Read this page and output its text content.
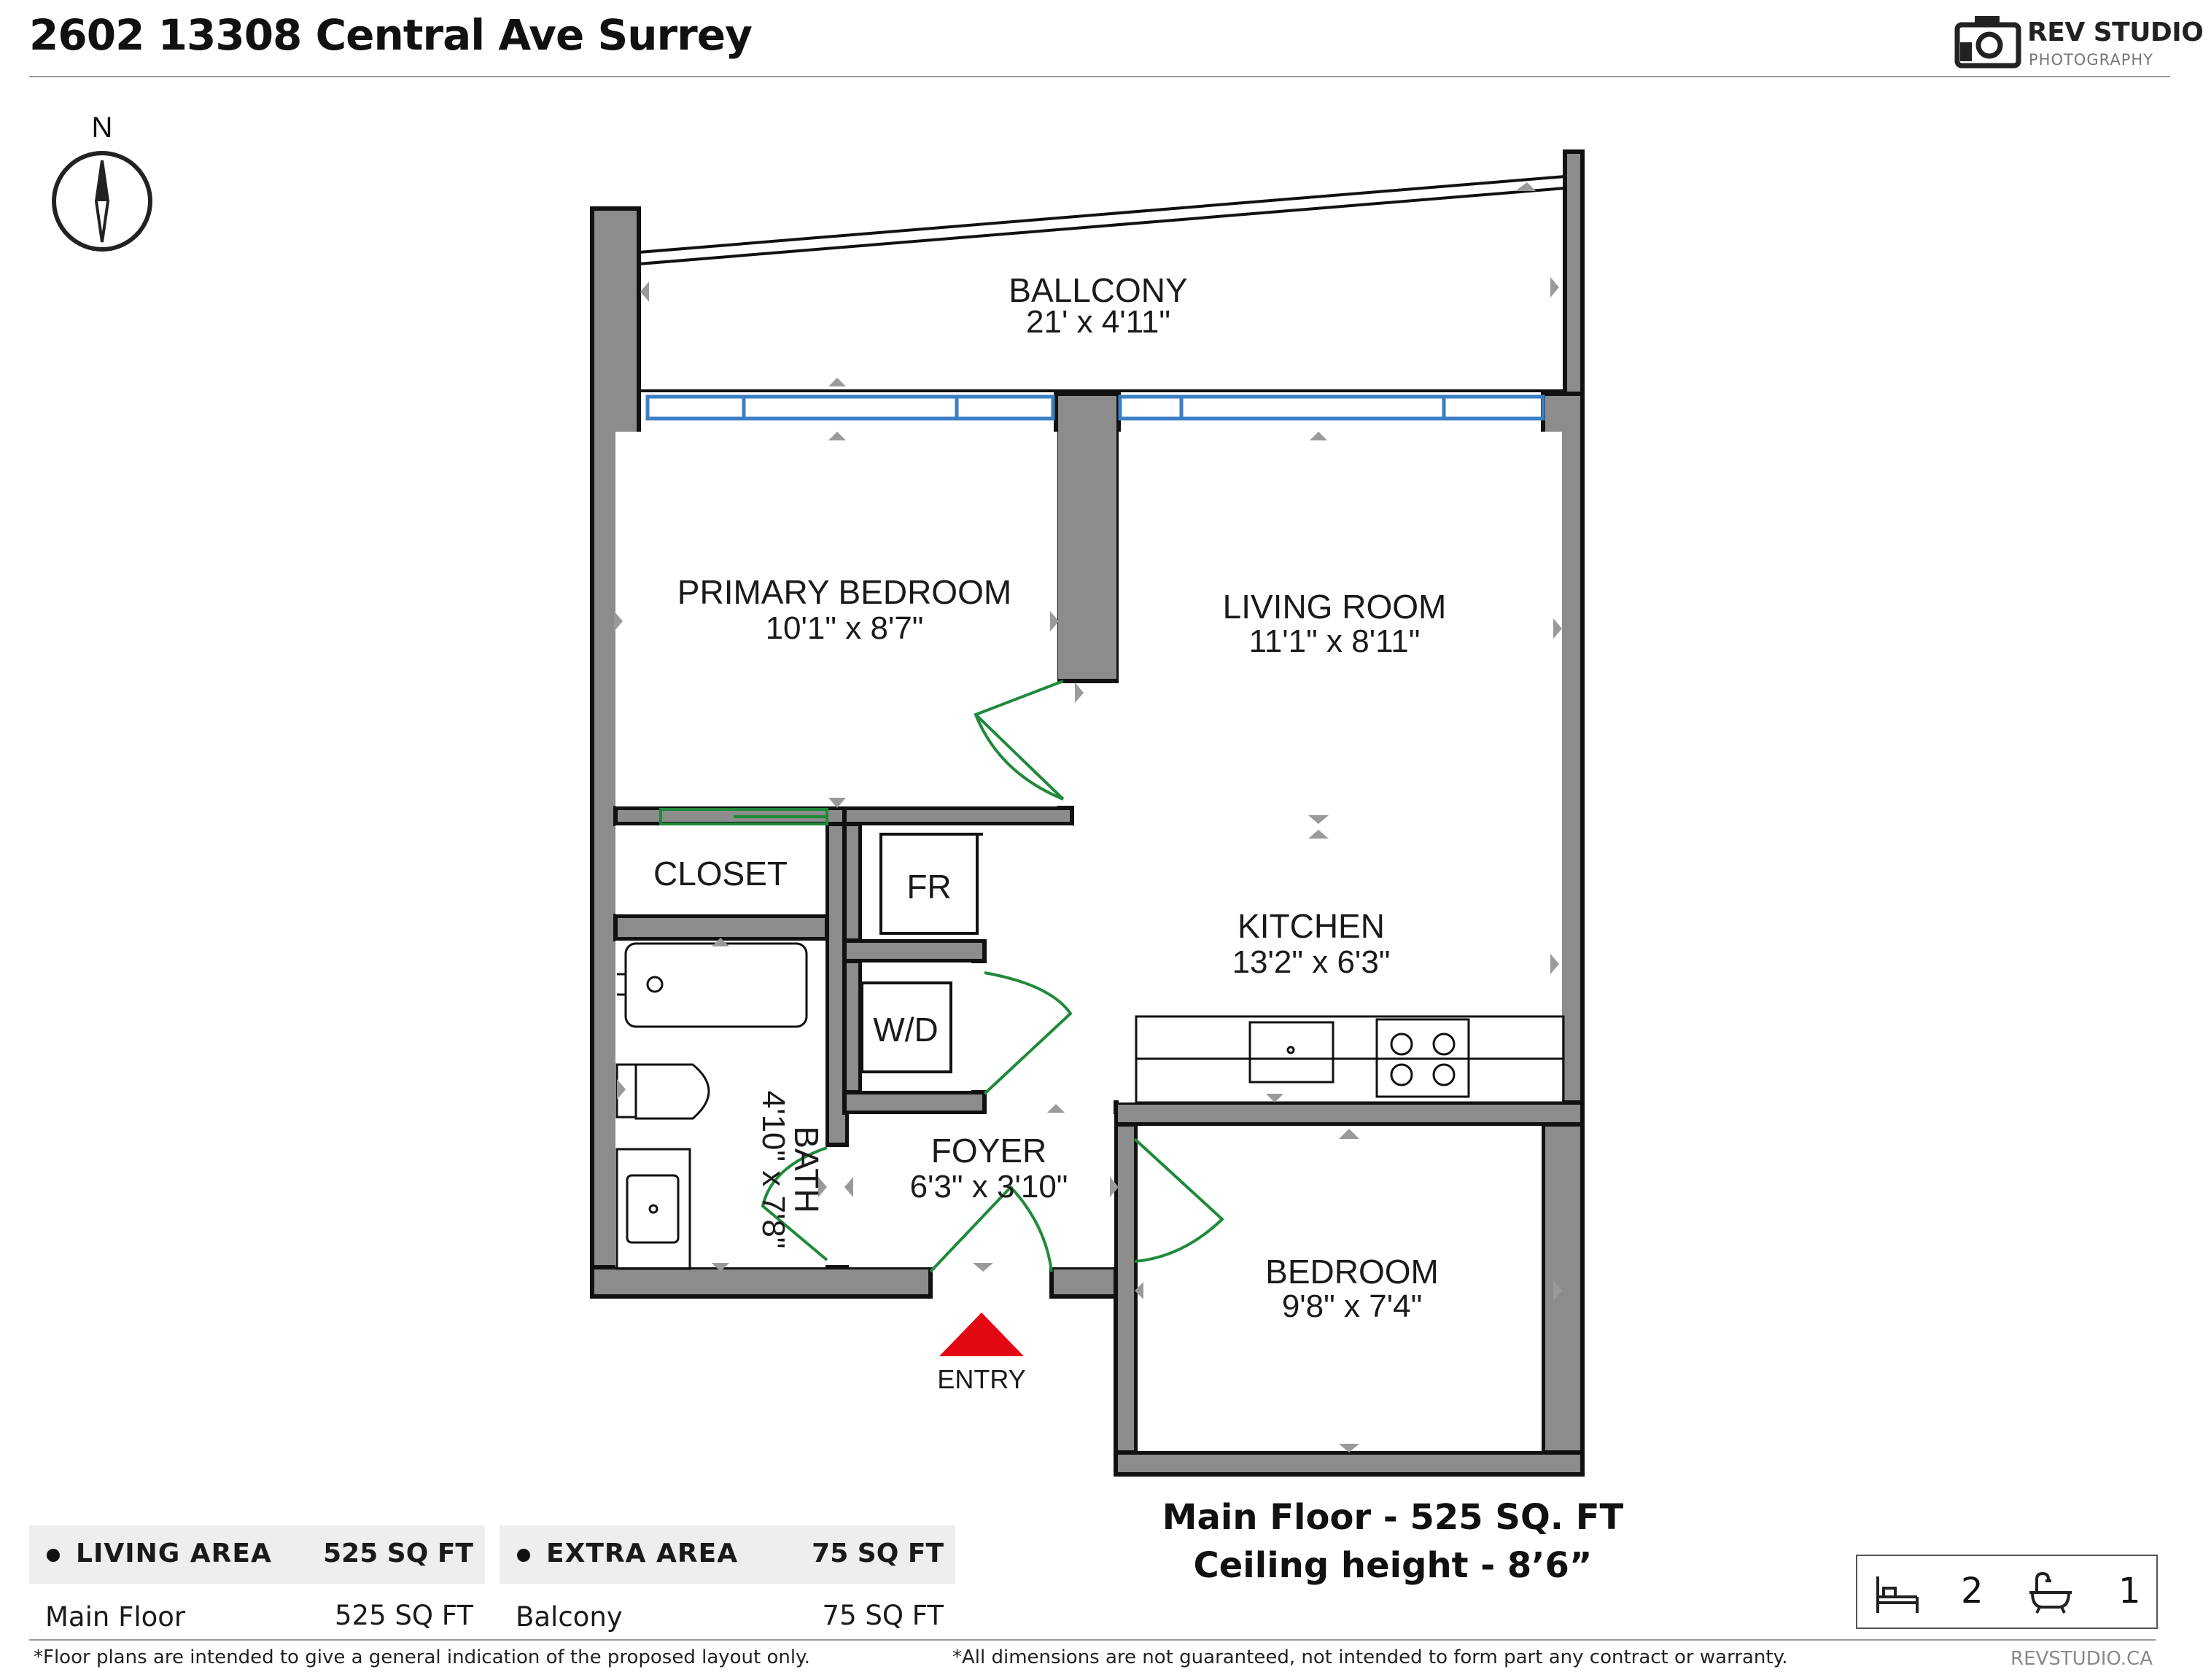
2602 13308 Central Ave Surrey	REV STUDIO
PHOTOGRAPHY
N
ENTRY
BALLCONY
21' x 4'11"
PRIMARY BEDROOM
10'1" x 8'7"
LIVING ROOM
11'1" x 8'11"
KITCHEN
13'2" x 6'3"
CLOSET	FR
W/D
FOYER
6'3" x 3'10"
BEDROOM
9'8" x 7'4"
BATH
4'10" x 7'8"
Main Floor - 525 SQ. FT
Ceiling height - 8’6”
LIVING AREA 525 SQ FT
Main Floor	525 SQ FT
EXTRA AREA	75 SQ FT
Balcony	75 SQ FT
2	1
*Floor plans are intended to give a general indication of the proposed layout only.	*All dimensions are not guaranteed, not intended to form part any contract or warranty.	REVSTUDIO.CA
